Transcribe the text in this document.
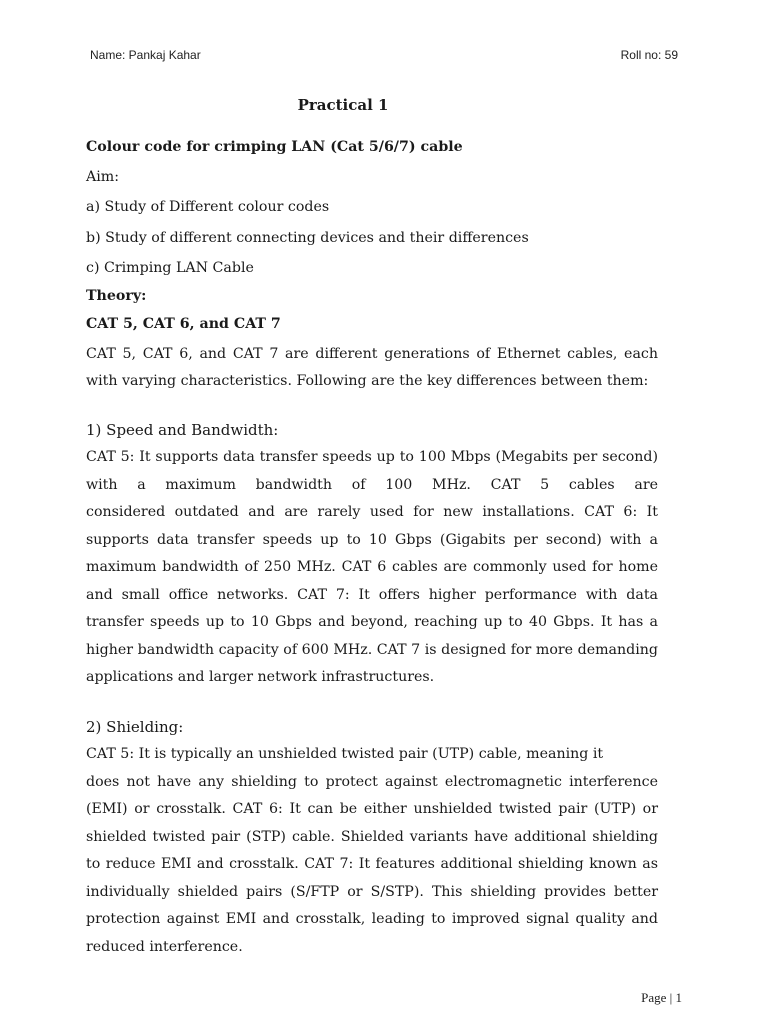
Name: Pankaj Kahar	Roll no: 59
Practical 1

Colour code for crimping LAN (Cat 5/6/7) cable

Aim:

a) Study of Different colour codes

b) Study of different connecting devices and their differences

c) Crimping LAN Cable

Theory:

CAT 5, CAT 6, and CAT 7

CAT 5, CAT 6, and CAT 7 are different generations of Ethernet cables, each with varying characteristics. Following are the key differences between them:

1) Speed and Bandwidth:

CAT 5: It supports data transfer speeds up to 100 Mbps (Megabits per second) with a maximum bandwidth of 100 MHz. CAT 5 cables are

considered outdated and are rarely used for new installations. CAT 6: It supports data transfer speeds up to 10 Gbps (Gigabits per second) with a maximum bandwidth of 250 MHz. CAT 6 cables are commonly used for home and small office networks. CAT 7: It offers higher performance with data transfer speeds up to 10 Gbps and beyond, reaching up to 40 Gbps. It has a higher bandwidth capacity of 600 MHz. CAT 7 is designed for more demanding applications and larger network infrastructures.

2) Shielding:

CAT 5: It is typically an unshielded twisted pair (UTP) cable, meaning it

does not have any shielding to protect against electromagnetic interference (EMI) or crosstalk. CAT 6: It can be either unshielded twisted pair (UTP) or shielded twisted pair (STP) cable. Shielded variants have additional shielding to reduce EMI and crosstalk. CAT 7: It features additional shielding known as individually shielded pairs (S/FTP or S/STP). This shielding provides better protection against EMI and crosstalk, leading to improved signal quality and reduced interference.

Page | 1
